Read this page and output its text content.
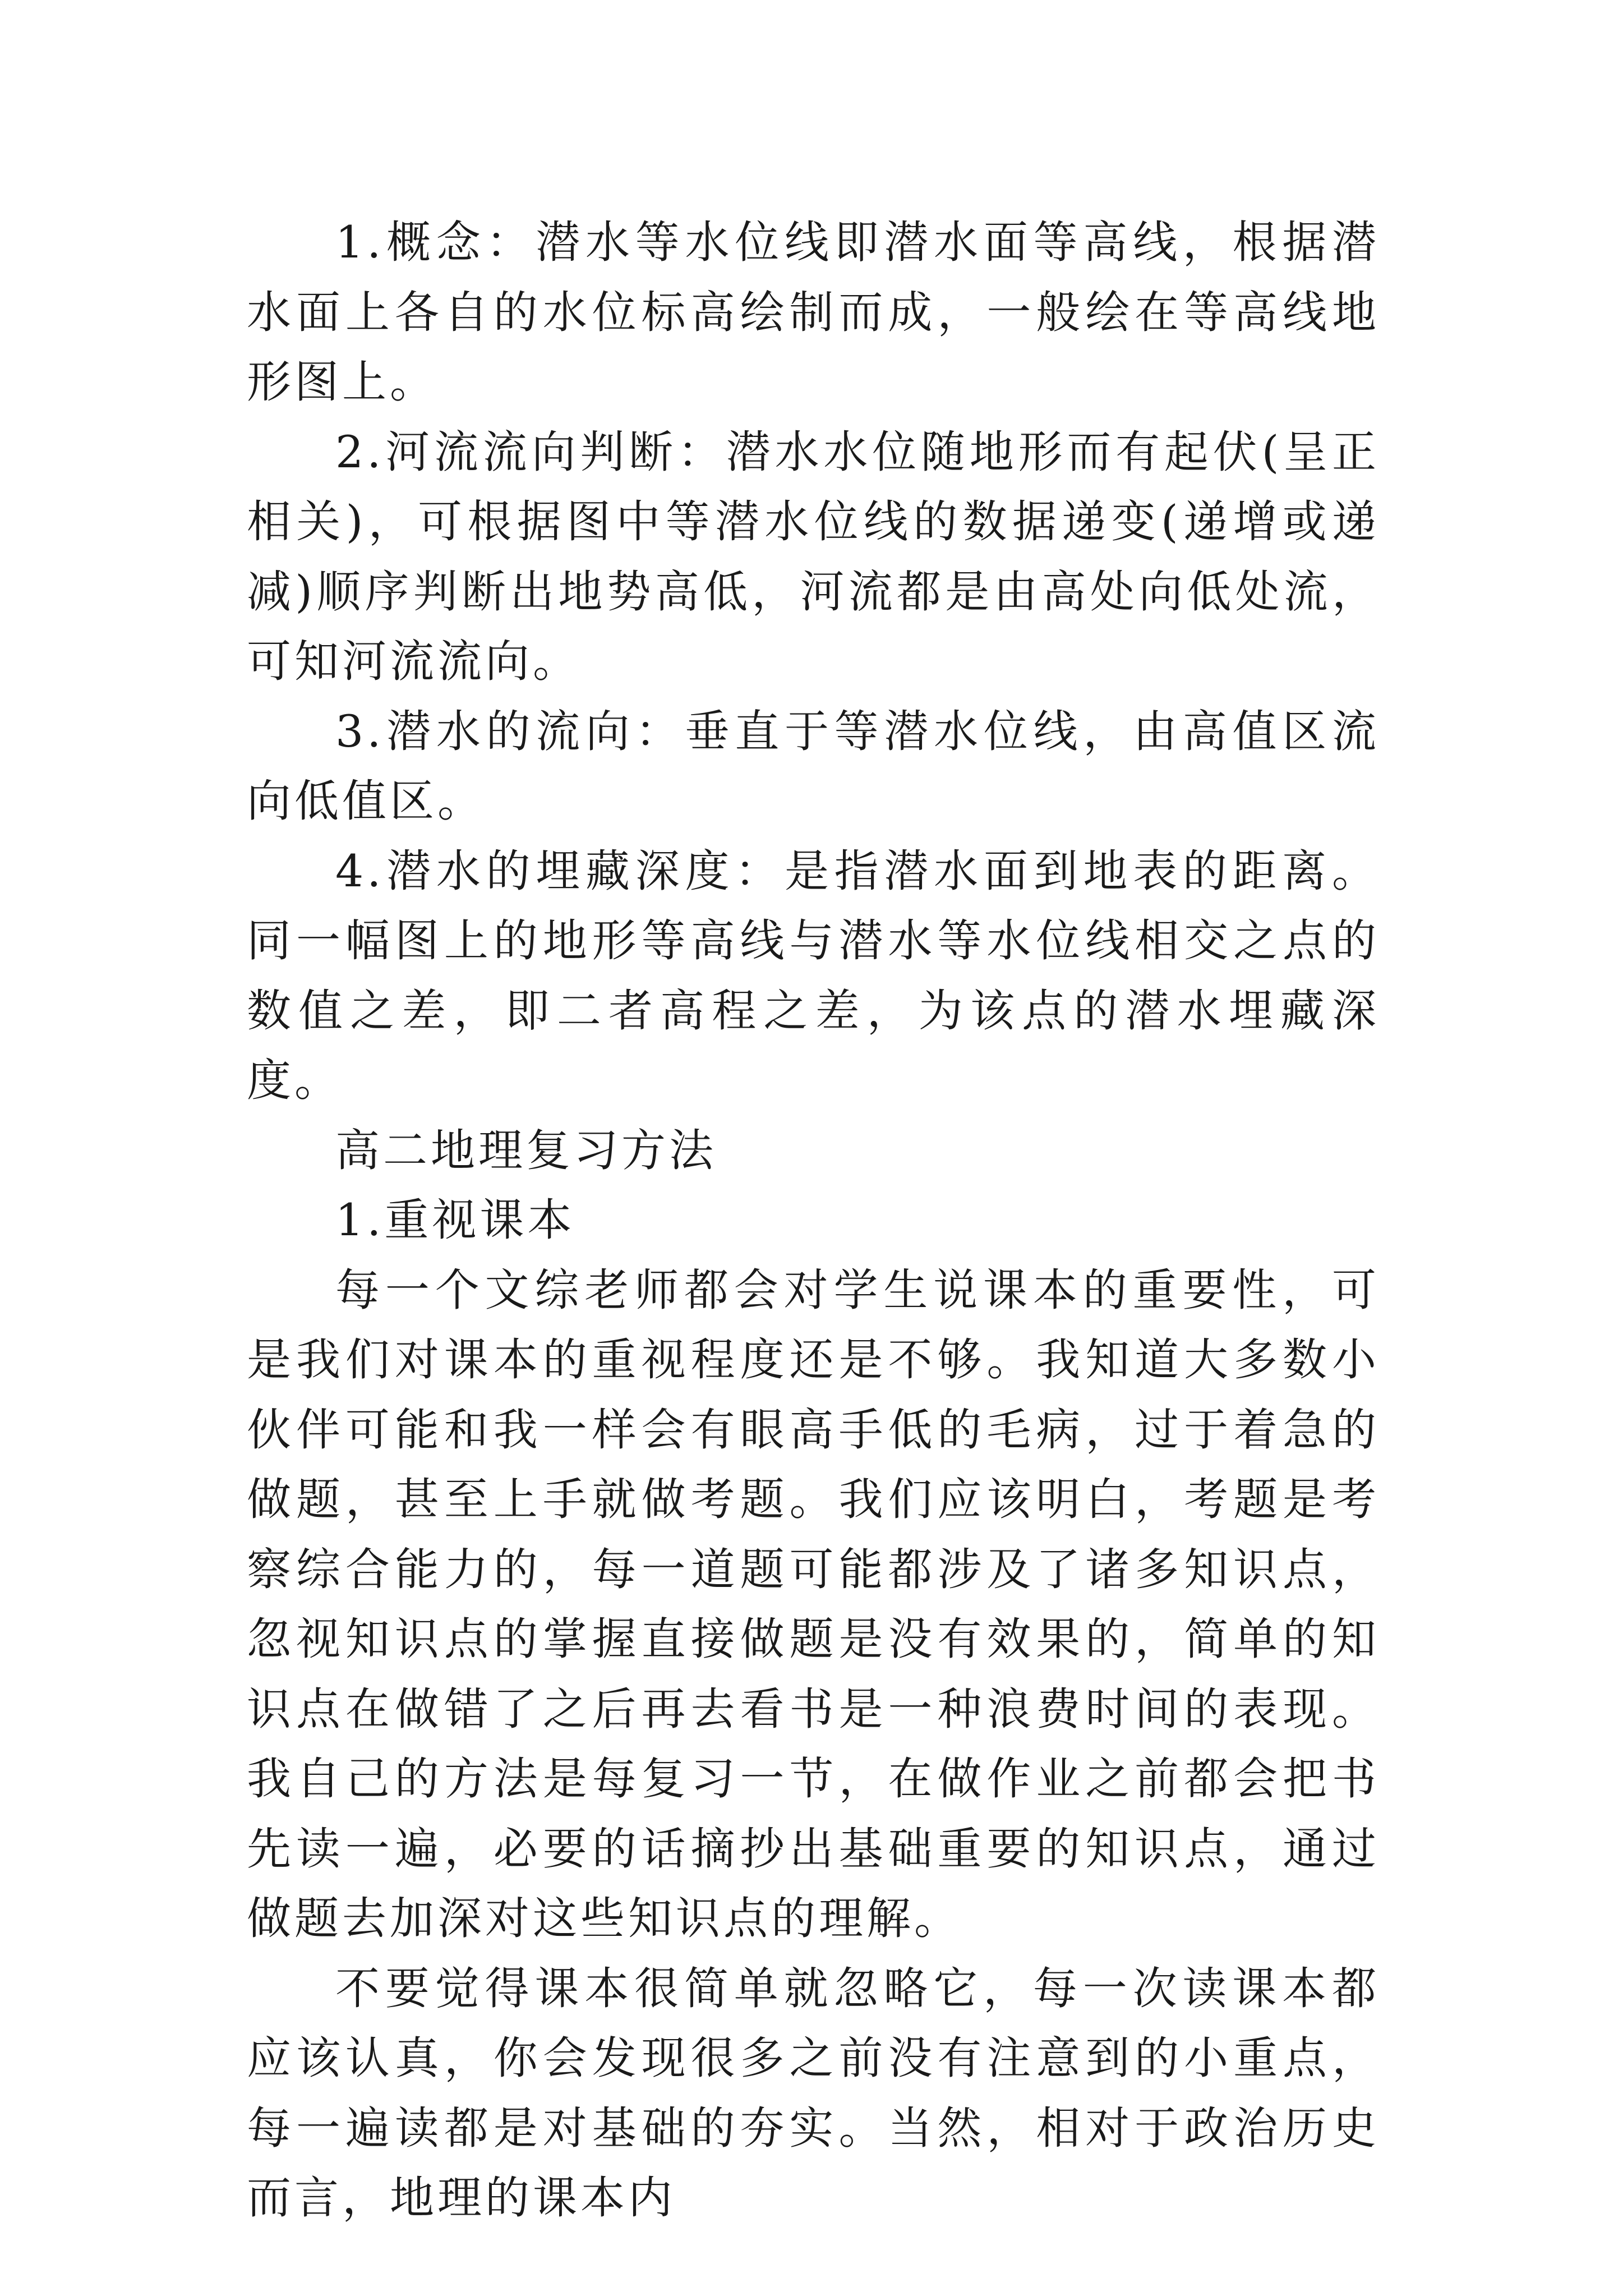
1.概念：潜水等水位线即潜水面等高线，根据潜水面上各自的水位标高绘制而成，一般绘在等高线地形图上。

2.河流流向判断：潜水水位随地形而有起伏(呈正相关)，可根据图中等潜水位线的数据递变(递增或递减)顺序判断出地势高低，河流都是由高处向低处流，可知河流流向。

3.潜水的流向：垂直于等潜水位线，由高值区流向低值区。

4.潜水的埋藏深度：是指潜水面到地表的距离。同一幅图上的地形等高线与潜水等水位线相交之点的数值之差，即二者高程之差，为该点的潜水埋藏深度。

高二地理复习方法

1.重视课本

每一个文综老师都会对学生说课本的重要性，可是我们对课本的重视程度还是不够。我知道大多数小伙伴可能和我一样会有眼高手低的毛病，过于着急的做题，甚至上手就做考题。我们应该明白，考题是考察综合能力的，每一道题可能都涉及了诸多知识点，忽视知识点的掌握直接做题是没有效果的，简单的知识点在做错了之后再去看书是一种浪费时间的表现。我自己的方法是每复习一节，在做作业之前都会把书先读一遍，必要的话摘抄出基础重要的知识点，通过做题去加深对这些知识点的理解。

不要觉得课本很简单就忽略它，每一次读课本都应该认真，你会发现很多之前没有注意到的小重点，每一遍读都是对基础的夯实。当然，相对于政治历史而言，地理的课本内
